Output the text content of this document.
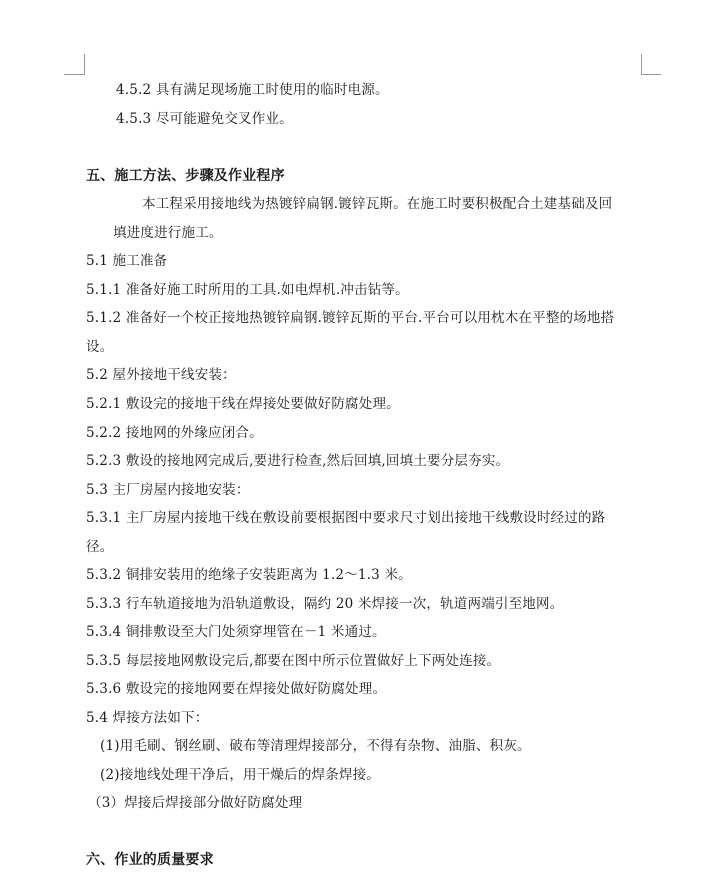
4.5.2 具有满足现场施工时使用的临时电源。
4.5.3 尽可能避免交叉作业。
五、施工方法、步骤及作业程序
本工程采用接地线为热镀锌扁钢.镀锌瓦斯。在施工时要积极配合土建基础及回
填进度进行施工。
5.1 施工准备
5.1.1 准备好施工时所用的工具.如电焊机.冲击钻等。
5.1.2 准备好一个校正接地热镀锌扁钢.镀锌瓦斯的平台.平台可以用枕木在平整的场地搭
设。
5.2 屋外接地干线安装：
5.2.1 敷设完的接地干线在焊接处要做好防腐处理。
5.2.2 接地网的外缘应闭合。
5.2.3 敷设的接地网完成后,要进行检查,然后回填,回填土要分层夯实。
5.3 主厂房屋内接地安装：
5.3.1 主厂房屋内接地干线在敷设前要根据图中要求尺寸划出接地干线敷设时经过的路
径。
5.3.2 铜排安装用的绝缘子安装距离为 1.2～1.3 米。
5.3.3 行车轨道接地为沿轨道敷设，隔约 20 米焊接一次，轨道两端引至地网。
5.3.4 铜排敷设至大门处须穿埋管在－1 米通过。
5.3.5 每层接地网敷设完后,都要在图中所示位置做好上下两处连接。
5.3.6 敷设完的接地网要在焊接处做好防腐处理。
5.4 焊接方法如下：
(1)用毛刷、钢丝刷、破布等清理焊接部分，不得有杂物、油脂、积灰。
(2)接地线处理干净后，用干燥后的焊条焊接。
（3）焊接后焊接部分做好防腐处理
六、作业的质量要求
